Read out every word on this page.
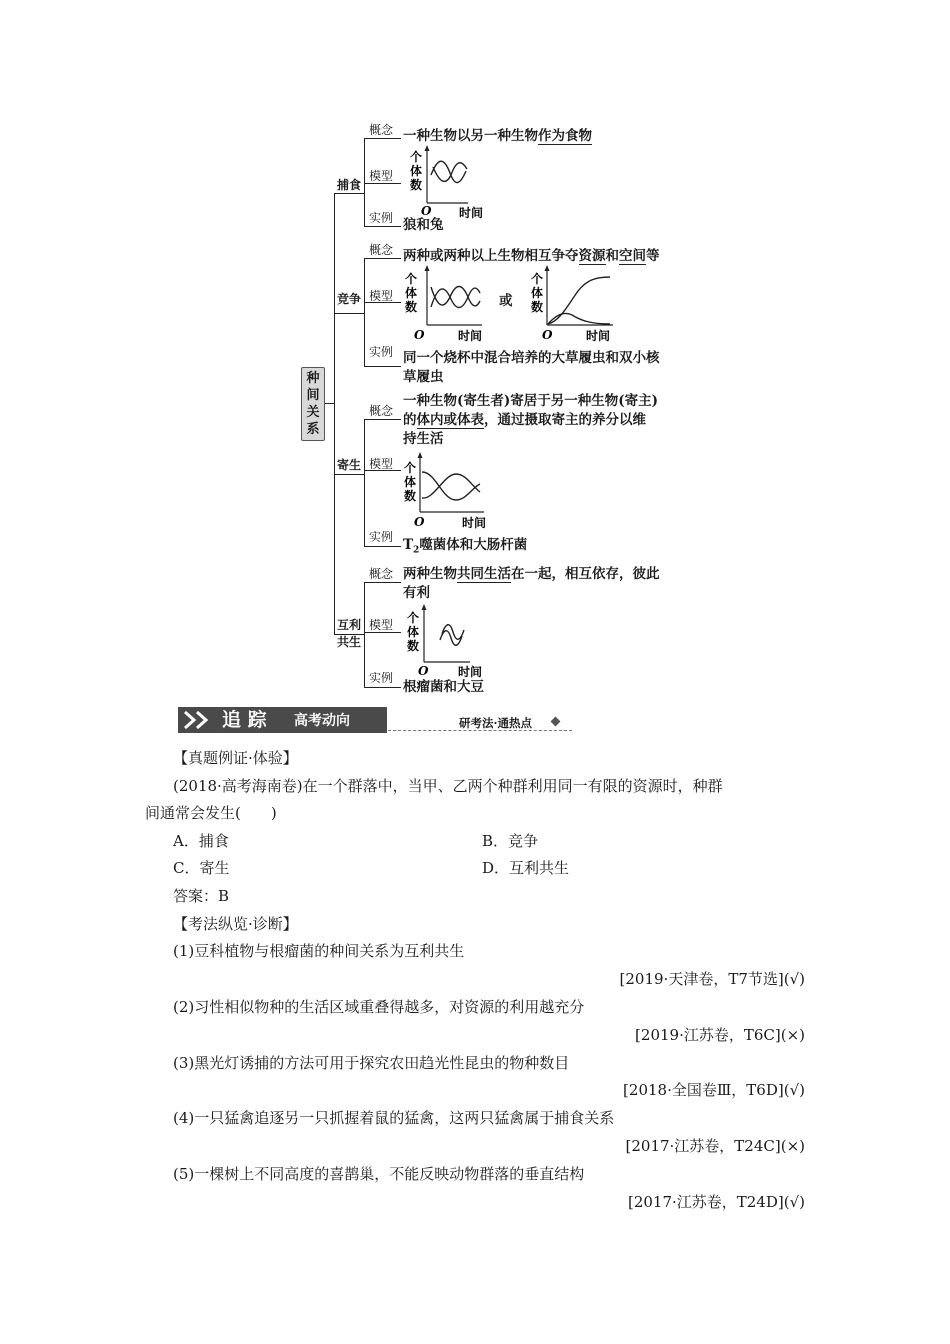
种间关系
捕食
概念
模型
实例
一种生物以另一种生物作为食物
狼和兔
个
体
数
O 时间
竞争
概念
模型
实例
两种或两种以上生物相互争夺资源和空间等
个
体
数
O	时间
或
个
体
数
O	时间
同一个烧杯中混合培养的大草履虫和双小核
草履虫
寄生
概念
模型
实例
一种生物(寄生者)寄居于另一种生物(寄主)
的体内或体表，通过摄取寄主的养分以维
持生活
个
体
数
O	时间
$T_2$噬菌体和大肠杆菌
互利
共生
概念
模型
实例
两种生物共同生活在一起，相互依存，彼此
有利
个
体
数
O 时间
根瘤菌和大豆
追 踪 高考动向	研考法·通热点
【真题例证·体验】
(2018·高考海南卷)在一个群落中，当甲、乙两个种群利用同一有限的资源时，种群
间通常会发生(　　)
A．捕食	B．竞争
C．寄生	D．互利共生
答案：B
【考法纵览·诊断】
(1)豆科植物与根瘤菌的种间关系为互利共生
[2019·天津卷，T7节选](√)
(2)习性相似物种的生活区域重叠得越多，对资源的利用越充分
[2019·江苏卷，T6C](×)
(3)黑光灯诱捕的方法可用于探究农田趋光性昆虫的物种数目
[2018·全国卷Ⅲ，T6D](√)
(4)一只猛禽追逐另一只抓握着鼠的猛禽，这两只猛禽属于捕食关系
[2017·江苏卷，T24C](×)
(5)一棵树上不同高度的喜鹊巢，不能反映动物群落的垂直结构
[2017·江苏卷，T24D](√)
